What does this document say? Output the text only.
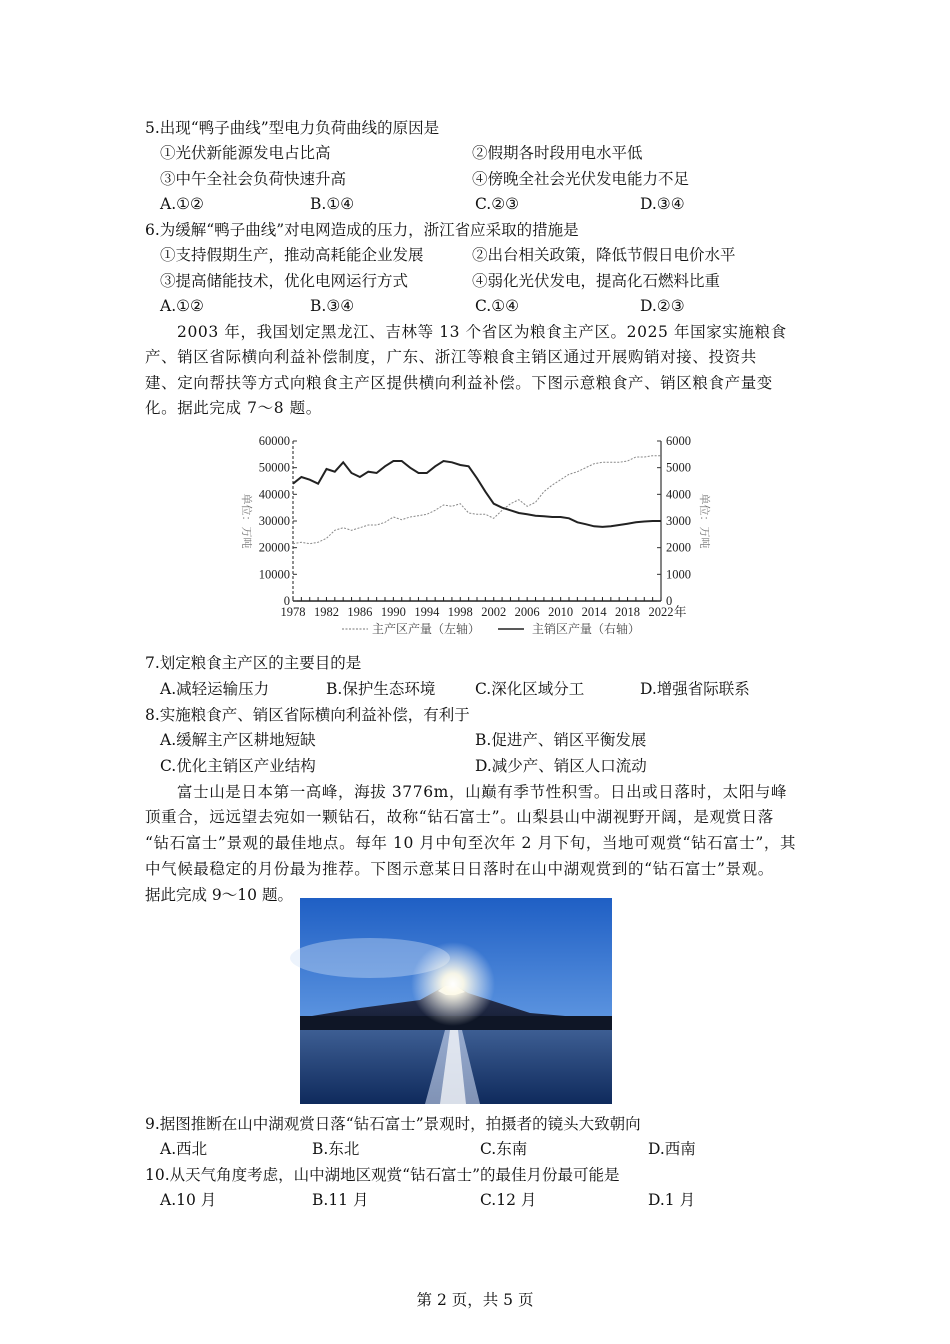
5.出现“鸭子曲线”型电力负荷曲线的原因是
①光伏新能源发电占比高	②假期各时段用电水平低
③中午全社会负荷快速升高	④傍晚全社会光伏发电能力不足
A.①②	B.①④	C.②③	D.③④
6.为缓解“鸭子曲线”对电网造成的压力，浙江省应采取的措施是
①支持假期生产，推动高耗能企业发展	②出台相关政策，降低节假日电价水平
③提高储能技术，优化电网运行方式	④弱化光伏发电，提高化石燃料比重
A.①②	B.③④	C.①④	D.②③
2003 年，我国划定黑龙江、吉林等 13 个省区为粮食主产区。2025 年国家实施粮食
产、销区省际横向利益补偿制度，广东、浙江等粮食主销区通过开展购销对接、投资共
建、定向帮扶等方式向粮食主产区提供横向利益补偿。下图示意粮食产、销区粮食产量变
化。据此完成 7～8 题。
1978 1982 1986 1990 1994 1998 2002 2006 2010 2014 2018 2022 年
0
10000
20000
30000
40000
50000
60000
0
1000
2000
3000
4000
5000
6000
单位：万吨	单位：万吨
主产区产量（左轴）	主销区产量（右轴）
7.划定粮食主产区的主要目的是
A.减轻运输压力	B.保护生态环境	C.深化区域分工	D.增强省际联系
8.实施粮食产、销区省际横向利益补偿，有利于
A.缓解主产区耕地短缺	B.促进产、销区平衡发展
C.优化主销区产业结构	D.减少产、销区人口流动
富士山是日本第一高峰，海拔 3776m，山巅有季节性积雪。日出或日落时，太阳与峰
顶重合，远远望去宛如一颗钻石，故称“钻石富士”。山梨县山中湖视野开阔，是观赏日落
“钻石富士”景观的最佳地点。每年 10 月中旬至次年 2 月下旬，当地可观赏“钻石富士”，其
中气候最稳定的月份最为推荐。下图示意某日日落时在山中湖观赏到的“钻石富士”景观。
据此完成 9～10 题。
9.据图推断在山中湖观赏日落“钻石富士”景观时，拍摄者的镜头大致朝向
A.西北	B.东北	C.东南	D.西南
10.从天气角度考虑，山中湖地区观赏“钻石富士”的最佳月份最可能是
A.10 月	B.11 月	C.12 月	D.1 月
第 2 页，共 5 页
